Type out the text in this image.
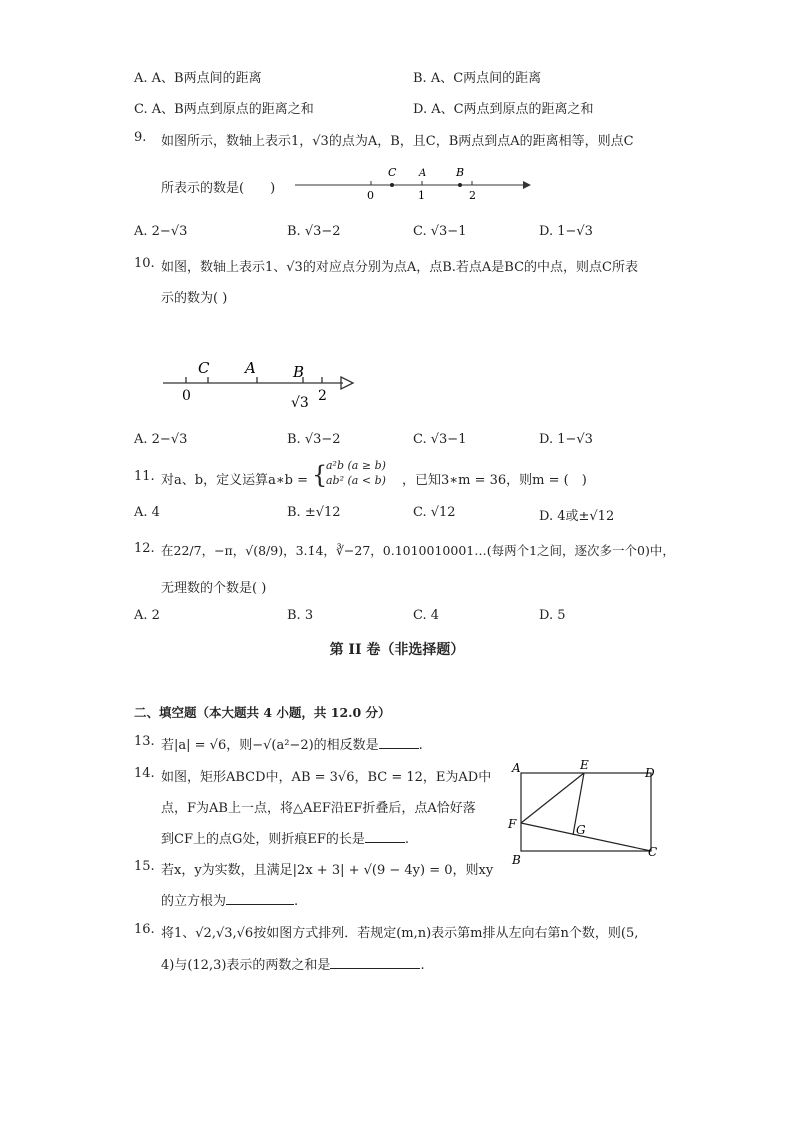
A. A、B两点间的距离	B. A、C两点间的距离
C. A、B两点到原点的距离之和	D. A、C两点到原点的距离之和
9. 如图所示，数轴上表示1，√3的点为A，B，且C，B两点到点A的距离相等，则点C
所表示的数是(　　)
C A	B
0	1	2
A. 2−√3	B. √3−2	C. √3−1	D. 1−√3
10. 如图，数轴上表示1、√3的对应点分别为点A，点B.若点A是BC的中点，则点C所表
示的数为( )
C A B
0	√3 2
A. 2−√3	B. √3−2	C. √3−1	D. 1−√3
11. 对a、b，定义运算a∗b = {
a²b (a ≥ b)
ab² (a < b) ，已知3∗m = 36，则m = (　)
A. 4	B. ±√12	C. √12	D. 4或±√12
12. 在22/7，−π，√(8/9)，3.1̇4̇，∛−27，0.1010010001…(每两个1之间，逐次多一个0)中，
无理数的个数是( )
A. 2	B. 3	C. 4	D. 5
第 II 卷（非选择题）
二、填空题（本大题共 4 小题，共 12.0 分）
13. 若|a| = √6，则−√(a²−2)的相反数是	.
14. 如图，矩形ABCD中，AB = 3√6，BC = 12，E为AD中
点，F为AB上一点，将△AEF沿EF折叠后，点A恰好落
到CF上的点G处，则折痕EF的长是	.
A	E
D
F	G
B
C
15. 若x，y为实数，且满足|2x + 3| + √(9 − 4y) = 0，则xy
的立方根为	.
16. 将1、√2,√3,√6按如图方式排列．若规定(m,n)表示第m排从左向右第n个数，则(5,
4)与(12,3)表示的两数之和是	.
